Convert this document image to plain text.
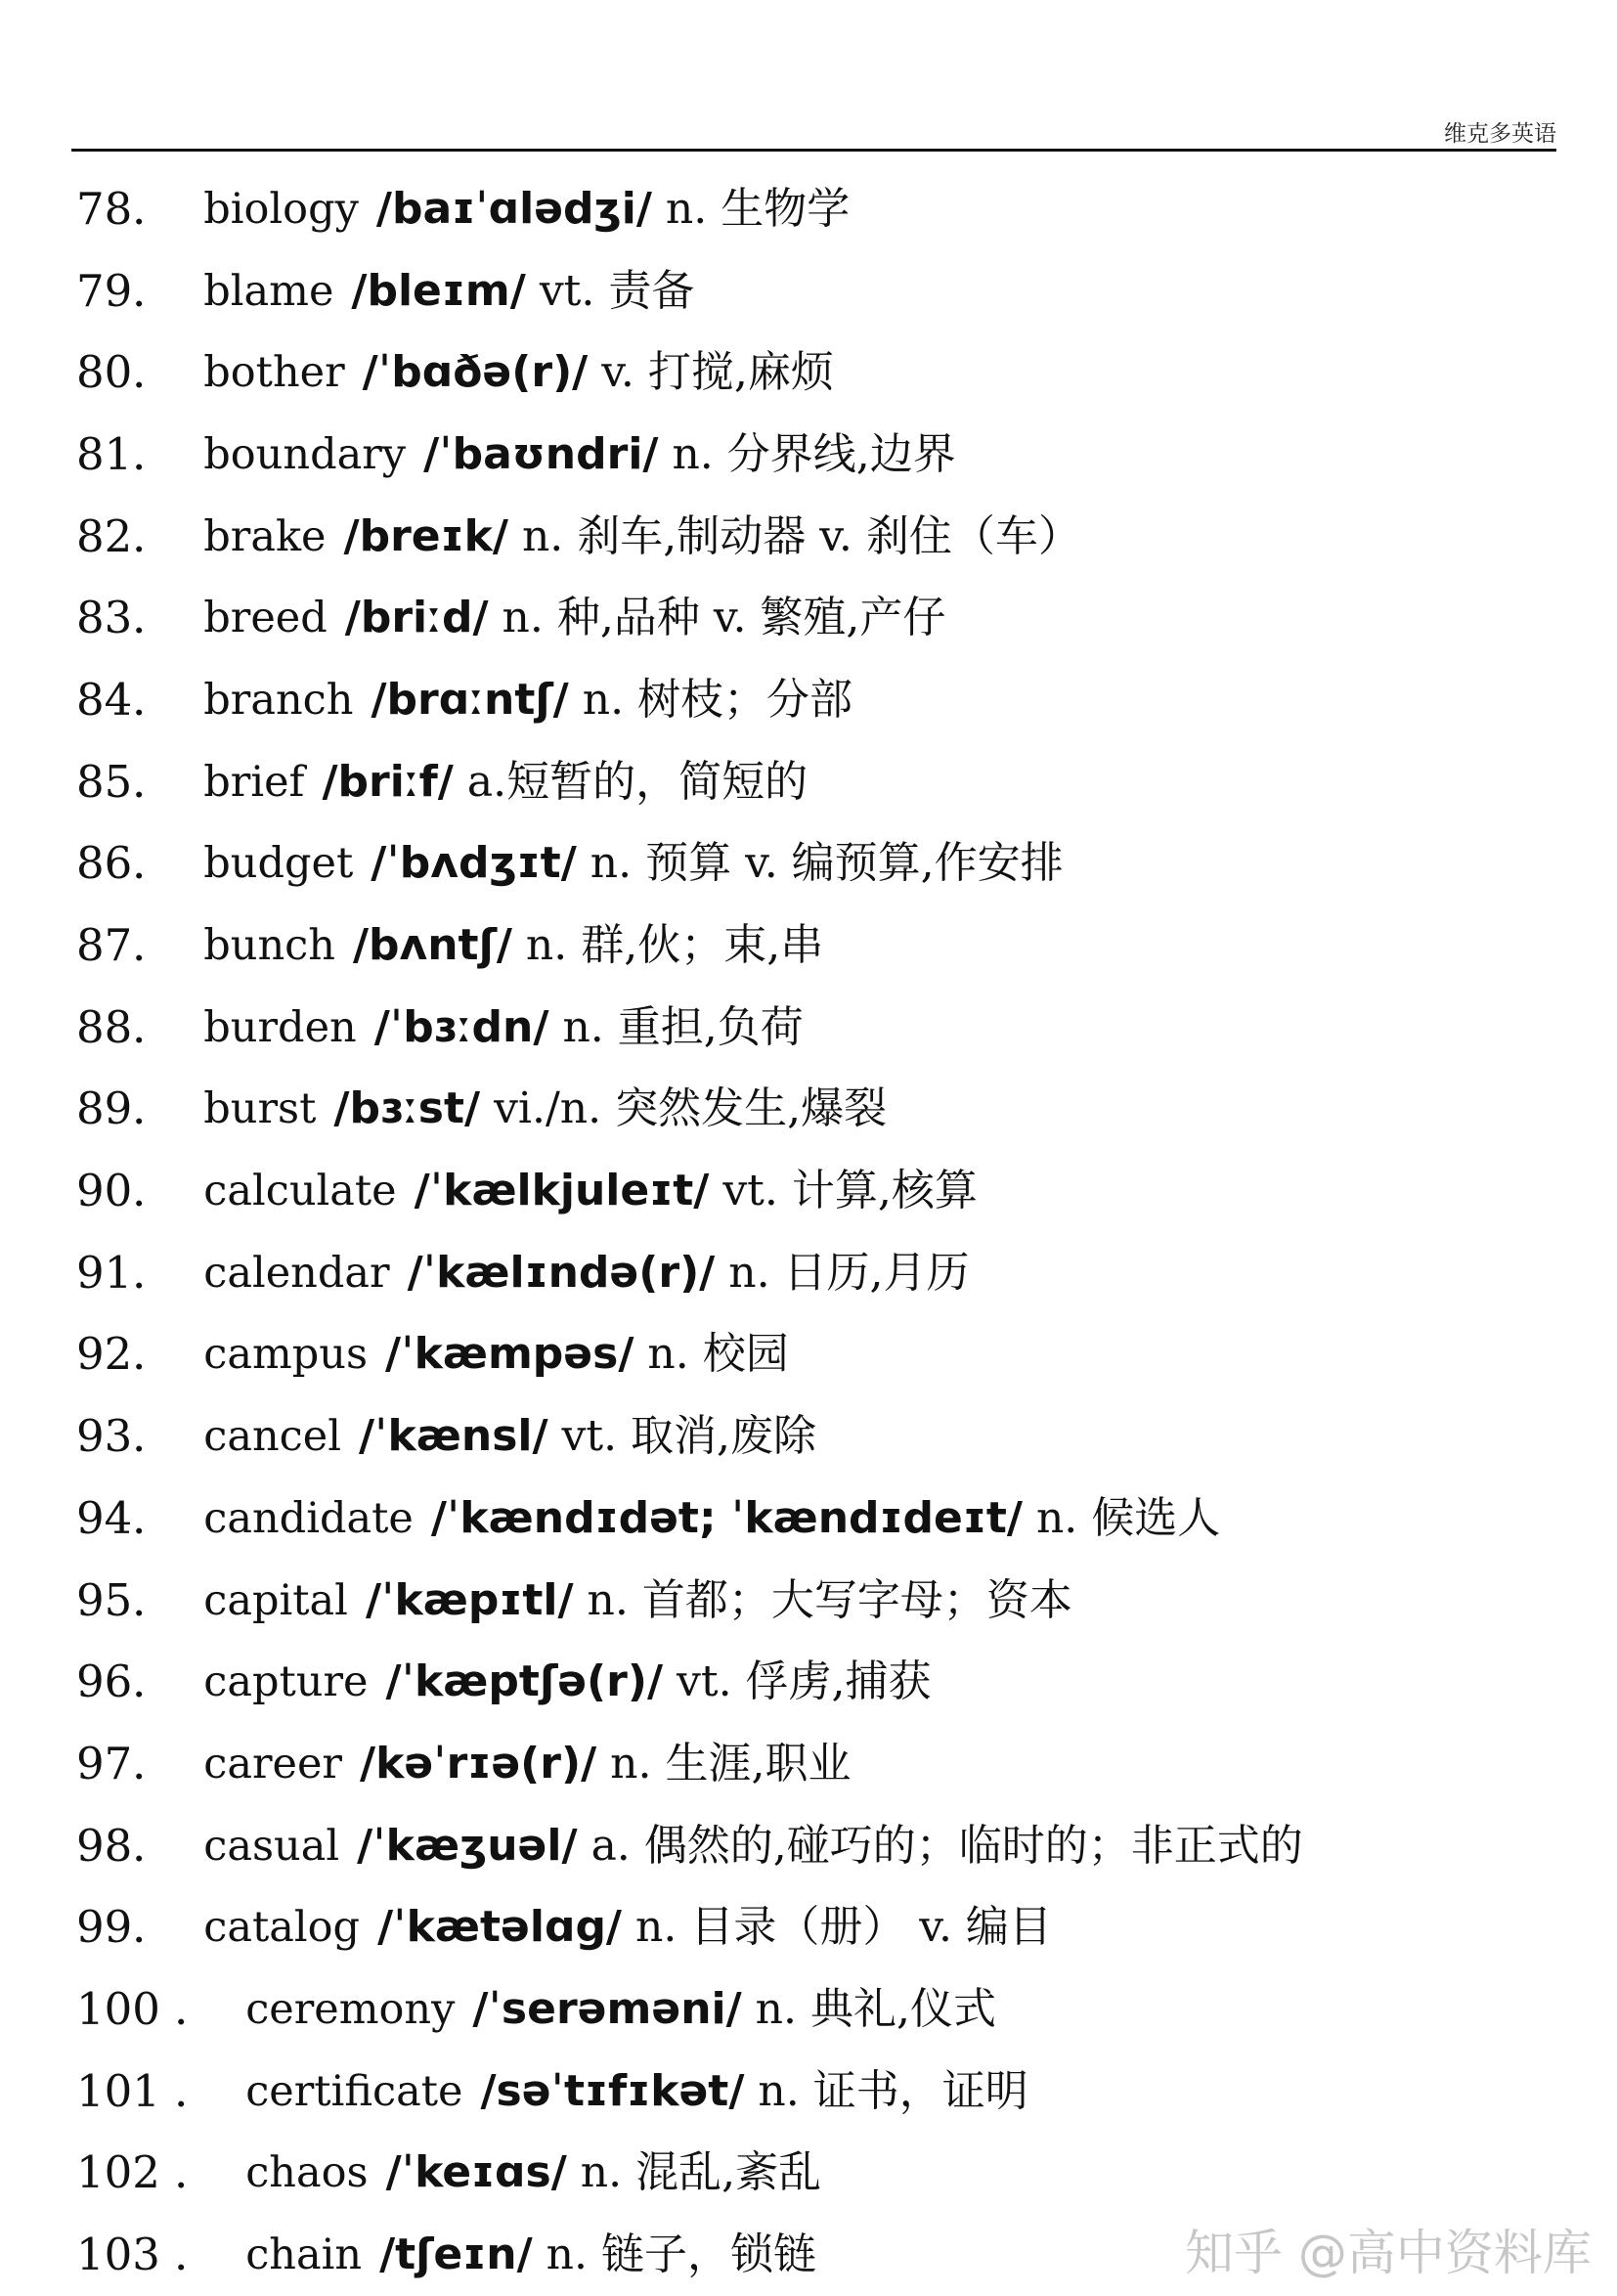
维克多英语
78． biology /baɪˈɑlədʒi/ n. 生物学
79． blame /bleɪm/ vt. 责备
80． bother /ˈbɑðə(r)/ v. 打搅,麻烦
81． boundary /ˈbaʊndri/ n. 分界线,边界
82． brake /breɪk/ n. 刹车,制动器 v. 刹住（车）
83． breed /briːd/ n. 种,品种 v. 繁殖,产仔
84． branch /brɑːntʃ/ n. 树枝；分部
85． brief /briːf/ a.短暂的，简短的
86． budget /ˈbʌdʒɪt/ n. 预算 v. 编预算,作安排
87． bunch /bʌntʃ/ n. 群,伙；束,串
88． burden /ˈbɜːdn/ n. 重担,负荷
89． burst /bɜːst/ vi./n. 突然发生,爆裂
90． calculate /ˈkælkjuleɪt/ vt. 计算,核算
91． calendar /ˈkælɪndə(r)/ n. 日历,月历
92． campus /ˈkæmpəs/ n. 校园
93． cancel /ˈkænsl/ vt. 取消,废除
94． candidate /ˈkændɪdət; ˈkændɪdeɪt/ n. 候选人
95． capital /ˈkæpɪtl/ n. 首都；大写字母；资本
96． capture /ˈkæptʃə(r)/ vt. 俘虏,捕获
97． career /kəˈrɪə(r)/ n. 生涯,职业
98． casual /ˈkæʒuəl/ a. 偶然的,碰巧的；临时的；非正式的
99． catalog /ˈkætəlɑg/ n. 目录（册） v. 编目
100 ． ceremony /ˈserəməni/ n. 典礼,仪式
101 ． certificate /səˈtɪfɪkət/ n. 证书，证明
102 ． chaos /ˈkeɪɑs/ n. 混乱,紊乱
103 ． chain /tʃeɪn/ n. 链子，锁链	知乎 @高中资料库
